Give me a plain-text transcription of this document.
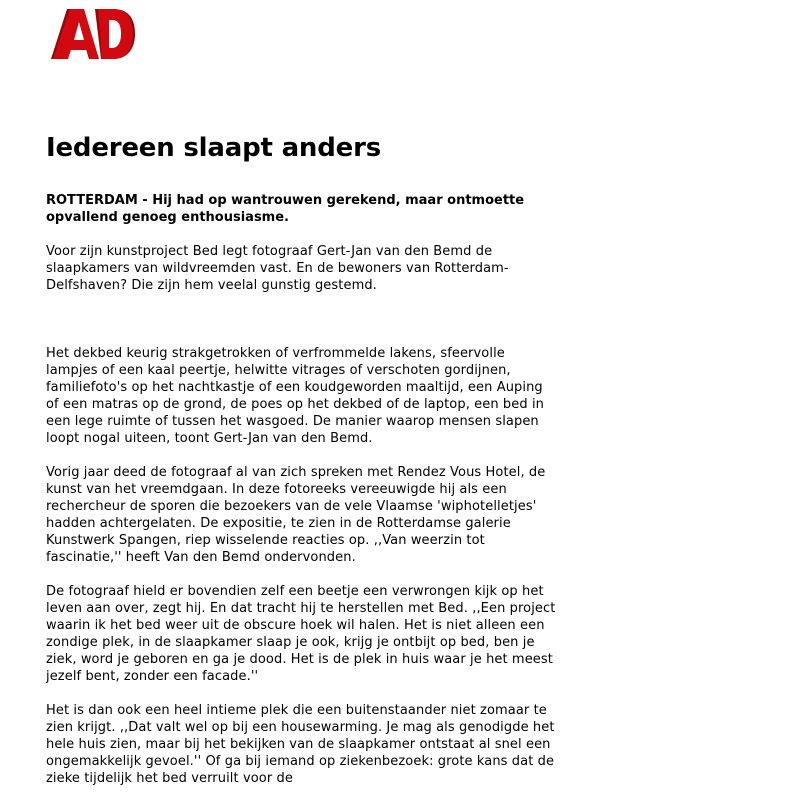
Iedereen slaapt anders

ROTTERDAM - Hij had op wantrouwen gerekend, maar ontmoette opvallend genoeg enthousiasme.

Voor zijn kunstproject Bed legt fotograaf Gert-Jan van den Bemd de slaapkamers van wildvreemden vast. En de bewoners van Rotterdam-Delfshaven? Die zijn hem veelal gunstig gestemd.

Het dekbed keurig strakgetrokken of verfrommelde lakens, sfeervolle lampjes of een kaal peertje, helwitte vitrages of verschoten gordijnen, familiefoto's op het nachtkastje of een koudgeworden maaltijd, een Auping of een matras op de grond, de poes op het dekbed of de laptop, een bed in een lege ruimte of tussen het wasgoed. De manier waarop mensen slapen loopt nogal uiteen, toont Gert-Jan van den Bemd.

Vorig jaar deed de fotograaf al van zich spreken met Rendez Vous Hotel, de kunst van het vreemdgaan. In deze fotoreeks vereeuwigde hij als een rechercheur de sporen die bezoekers van de vele Vlaamse 'wiphotelletjes' hadden achtergelaten. De expositie, te zien in de Rotterdamse galerie Kunstwerk Spangen, riep wisselende reacties op. ,,Van weerzin tot fascinatie,'' heeft Van den Bemd ondervonden.

De fotograaf hield er bovendien zelf een beetje een verwrongen kijk op het leven aan over, zegt hij. En dat tracht hij te herstellen met Bed. ,,Een project waarin ik het bed weer uit de obscure hoek wil halen. Het is niet alleen een zondige plek, in de slaapkamer slaap je ook, krijg je ontbijt op bed, ben je ziek, word je geboren en ga je dood. Het is de plek in huis waar je het meest jezelf bent, zonder een facade.''

Het is dan ook een heel intieme plek die een buitenstaander niet zomaar te zien krijgt. ,,Dat valt wel op bij een housewarming. Je mag als genodigde het hele huis zien, maar bij het bekijken van de slaapkamer ontstaat al snel een ongemakkelijk gevoel.'' Of ga bij iemand op ziekenbezoek: grote kans dat de zieke tijdelijk het bed verruilt voor de
